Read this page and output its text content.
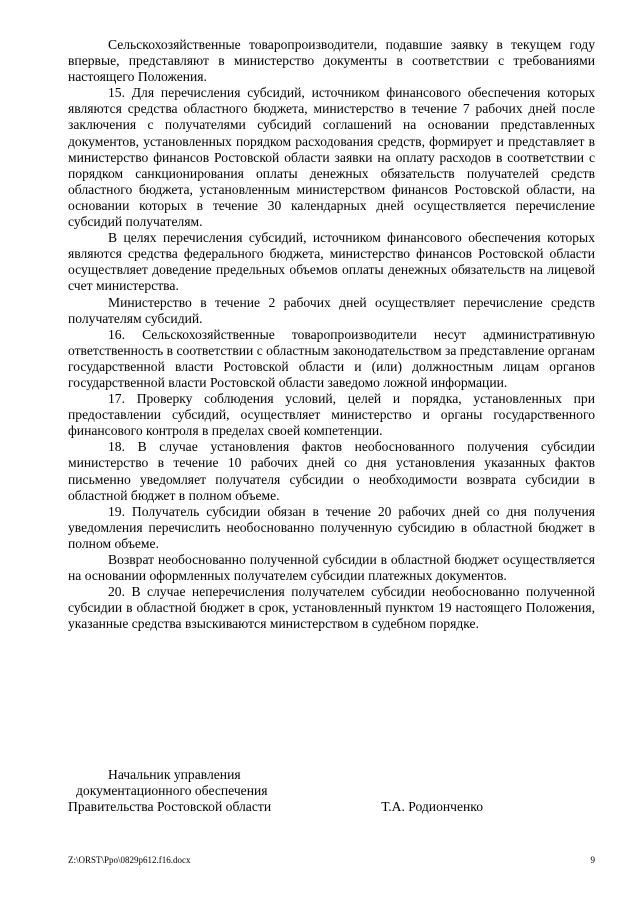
Сельскохозяйственные товаропроизводители, подавшие заявку в текущем году впервые, представляют в министерство документы в соответствии с требованиями настоящего Положения.

15. Для перечисления субсидий, источником финансового обеспечения которых являются средства областного бюджета, министерство в течение 7 рабочих дней после заключения с получателями субсидий соглашений на основании представленных документов, установленных порядком расходования средств, формирует и представляет в министерство финансов Ростовской области заявки на оплату расходов в соответствии с порядком санкционирования оплаты денежных обязательств получателей средств областного бюджета, установленным министерством финансов Ростовской области, на основании которых в течение 30 календарных дней осуществляется перечисление субсидий получателям.

В целях перечисления субсидий, источником финансового обеспечения которых являются средства федерального бюджета, министерство финансов Ростовской области осуществляет доведение предельных объемов оплаты денежных обязательств на лицевой счет министерства.

Министерство в течение 2 рабочих дней осуществляет перечисление средств получателям субсидий.

16. Сельскохозяйственные товаропроизводители несут административную ответственность в соответствии с областным законодательством за представление органам государственной власти Ростовской области и (или) должностным лицам органов государственной власти Ростовской области заведомо ложной информации.

17. Проверку соблюдения условий, целей и порядка, установленных при предоставлении субсидий, осуществляет министерство и органы государственного финансового контроля в пределах своей компетенции.

18. В случае установления фактов необоснованного получения субсидии министерство в течение 10 рабочих дней со дня установления указанных фактов письменно уведомляет получателя субсидии о необходимости возврата субсидии в областной бюджет в полном объеме.

19. Получатель субсидии обязан в течение 20 рабочих дней со дня получения уведомления перечислить необоснованно полученную субсидию в областной бюджет в полном объеме.

Возврат необоснованно полученной субсидии в областной бюджет осуществляется на основании оформленных получателем субсидии платежных документов.

20. В случае неперечисления получателем субсидии необоснованно полученной субсидии в областной бюджет в срок, установленный пунктом 19 настоящего Положения, указанные средства взыскиваются министерством в судебном порядке.

Начальник управления
документационного обеспечения
Правительства Ростовской области	Т.А. Родионченко
Z:\ORST\Ppo\0829p612.f16.docx	9
